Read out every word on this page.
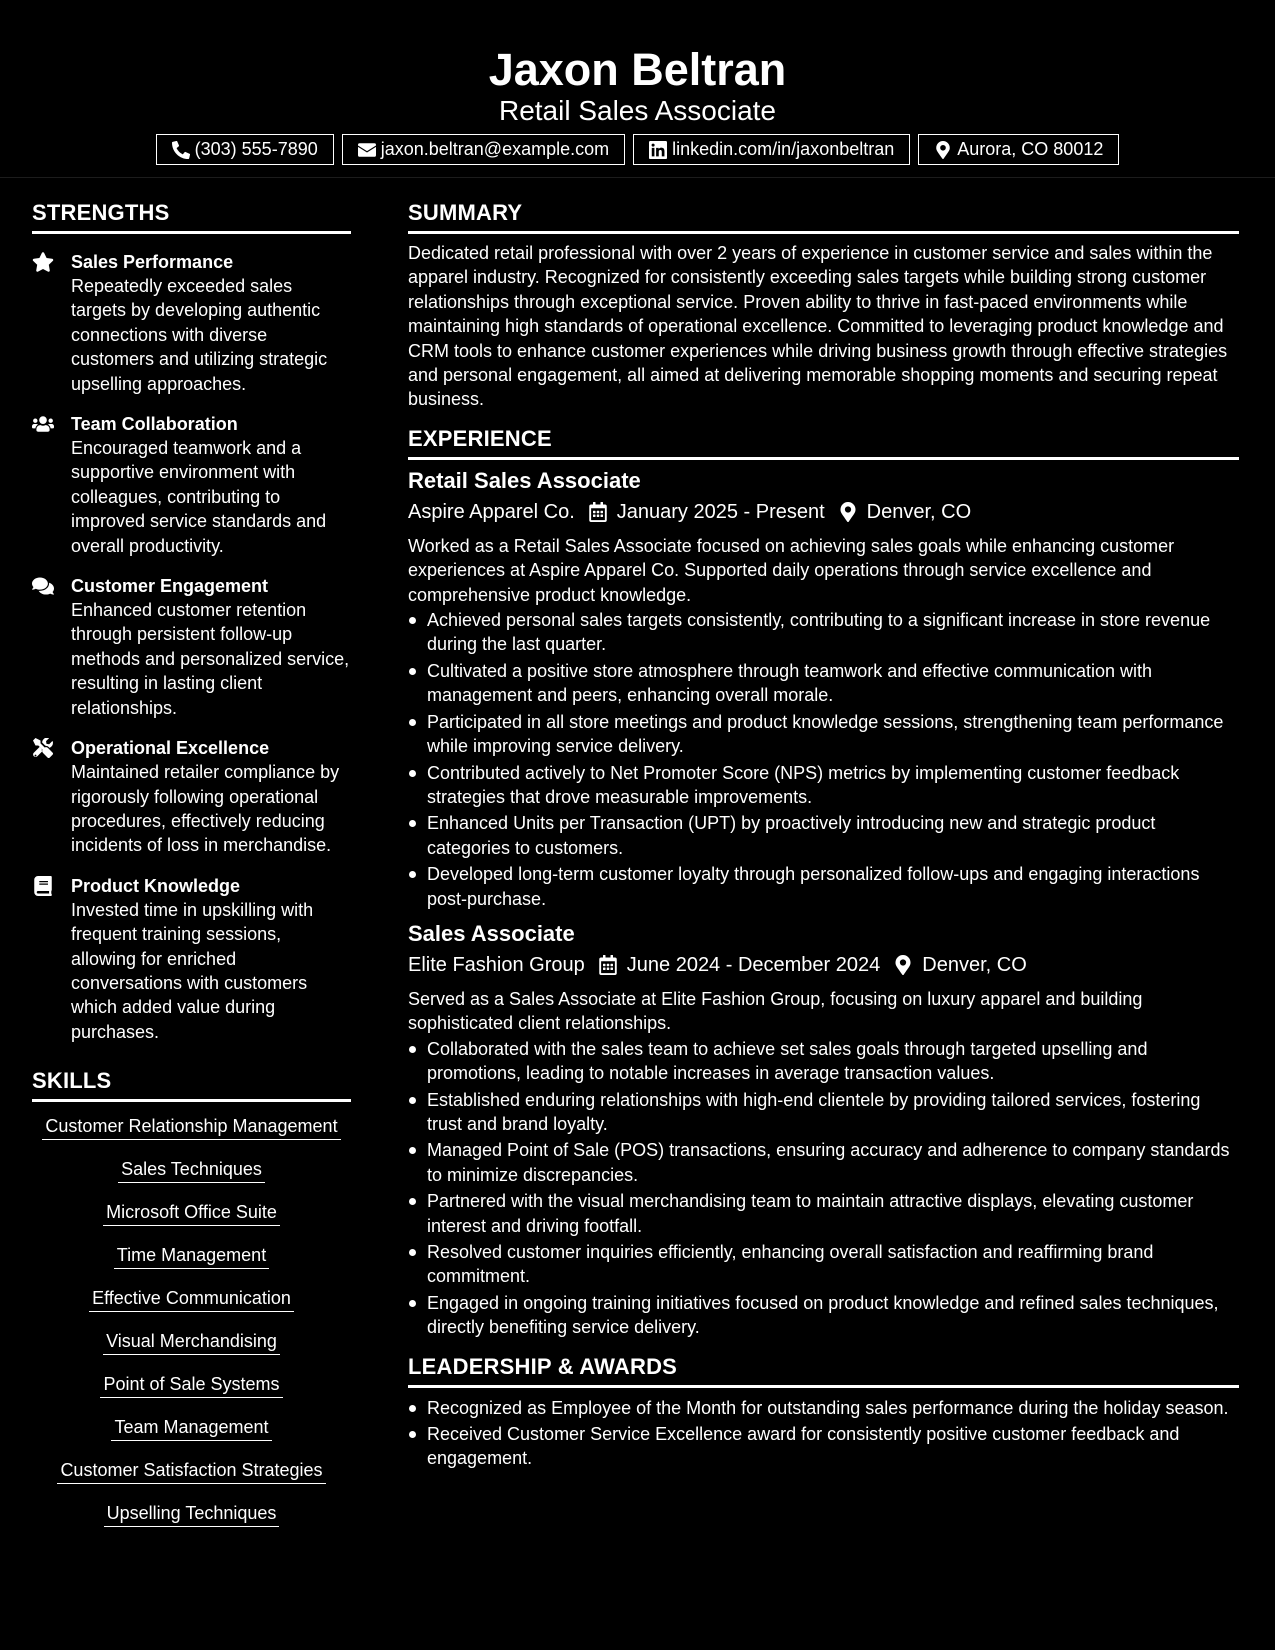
Jaxon Beltran
Retail Sales Associate
(303) 555-7890	jaxon.beltran@example.com	linkedin.com/in/jaxonbeltran	Aurora, CO 80012
STRENGTHS
Sales Performance
Repeatedly exceeded sales targets by developing authentic connections with diverse customers and utilizing strategic upselling approaches.
Team Collaboration
Encouraged teamwork and a supportive environment with colleagues, contributing to improved service standards and overall productivity.
Customer Engagement
Enhanced customer retention through persistent follow-up methods and personalized service, resulting in lasting client relationships.
Operational Excellence
Maintained retailer compliance by rigorously following operational procedures, effectively reducing incidents of loss in merchandise.
Product Knowledge
Invested time in upskilling with frequent training sessions, allowing for enriched conversations with customers which added value during purchases.
SKILLS
Customer Relationship Management
Sales Techniques
Microsoft Office Suite
Time Management
Effective Communication
Visual Merchandising
Point of Sale Systems
Team Management
Customer Satisfaction Strategies
Upselling Techniques
SUMMARY
Dedicated retail professional with over 2 years of experience in customer service and sales within the apparel industry. Recognized for consistently exceeding sales targets while building strong customer relationships through exceptional service. Proven ability to thrive in fast-paced environments while maintaining high standards of operational excellence. Committed to leveraging product knowledge and CRM tools to enhance customer experiences while driving business growth through effective strategies and personal engagement, all aimed at delivering memorable shopping moments and securing repeat business.
EXPERIENCE
Retail Sales Associate
Aspire Apparel Co. January 2025 - Present Denver, CO
Worked as a Retail Sales Associate focused on achieving sales goals while enhancing customer experiences at Aspire Apparel Co. Supported daily operations through service excellence and comprehensive product knowledge.
Achieved personal sales targets consistently, contributing to a significant increase in store revenue during the last quarter.
Cultivated a positive store atmosphere through teamwork and effective communication with management and peers, enhancing overall morale.
Participated in all store meetings and product knowledge sessions, strengthening team performance while improving service delivery.
Contributed actively to Net Promoter Score (NPS) metrics by implementing customer feedback strategies that drove measurable improvements.
Enhanced Units per Transaction (UPT) by proactively introducing new and strategic product categories to customers.
Developed long-term customer loyalty through personalized follow-ups and engaging interactions post-purchase.
Sales Associate
Elite Fashion Group June 2024 - December 2024 Denver, CO
Served as a Sales Associate at Elite Fashion Group, focusing on luxury apparel and building sophisticated client relationships.
Collaborated with the sales team to achieve set sales goals through targeted upselling and promotions, leading to notable increases in average transaction values.
Established enduring relationships with high-end clientele by providing tailored services, fostering trust and brand loyalty.
Managed Point of Sale (POS) transactions, ensuring accuracy and adherence to company standards to minimize discrepancies.
Partnered with the visual merchandising team to maintain attractive displays, elevating customer interest and driving footfall.
Resolved customer inquiries efficiently, enhancing overall satisfaction and reaffirming brand commitment.
Engaged in ongoing training initiatives focused on product knowledge and refined sales techniques, directly benefiting service delivery.
LEADERSHIP & AWARDS
Recognized as Employee of the Month for outstanding sales performance during the holiday season.
Received Customer Service Excellence award for consistently positive customer feedback and engagement.
